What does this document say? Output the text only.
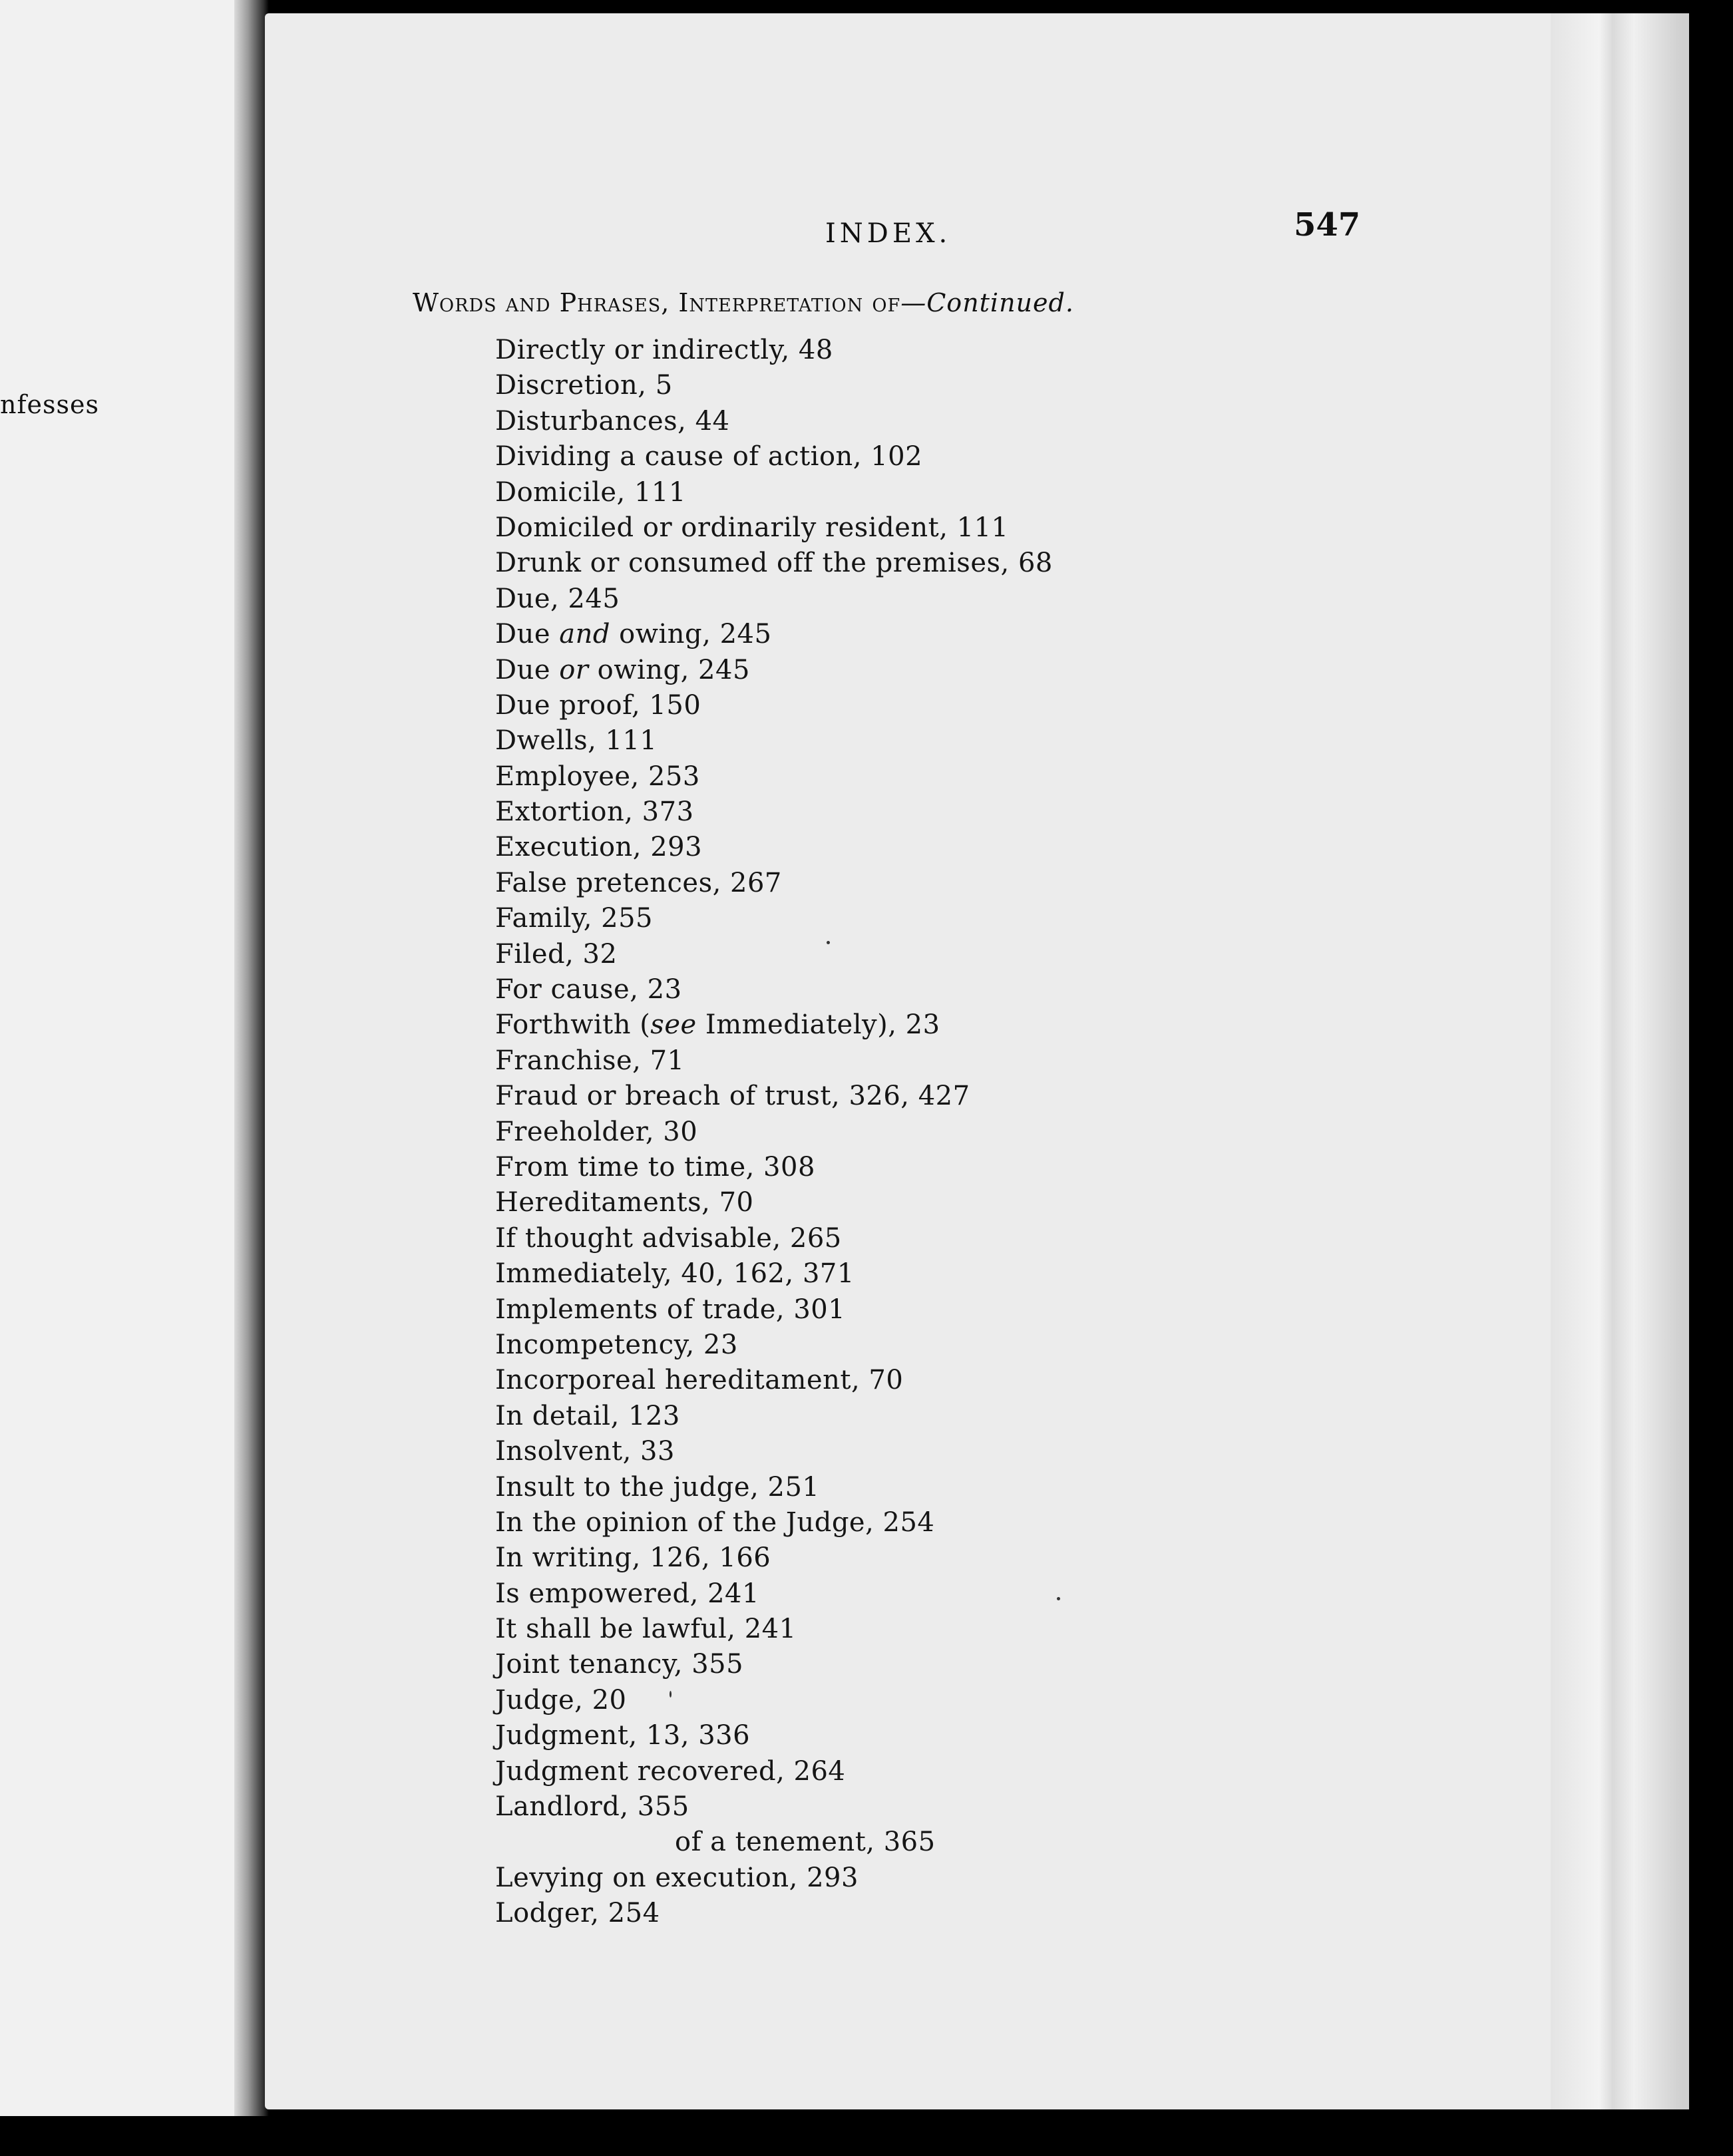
nfesses
INDEX.	547
Words and Phrases, Interpretation of—Continued.
Directly or indirectly, 48
Discretion, 5
Disturbances, 44
Dividing a cause of action, 102
Domicile, 111
Domiciled or ordinarily resident, 111
Drunk or consumed off the premises, 68
Due, 245
Due and owing, 245
Due or owing, 245
Due proof, 150
Dwells, 111
Employee, 253
Extortion, 373
Execution, 293
False pretences, 267
Family, 255
Filed, 32
For cause, 23
Forthwith (see Immediately), 23
Franchise, 71
Fraud or breach of trust, 326, 427
Freeholder, 30
From time to time, 308
Hereditaments, 70
If thought advisable, 265
Immediately, 40, 162, 371
Implements of trade, 301
Incompetency, 23
Incorporeal hereditament, 70
In detail, 123
Insolvent, 33
Insult to the judge, 251
In the opinion of the Judge, 254
In writing, 126, 166
Is empowered, 241
It shall be lawful, 241
Joint tenancy, 355
Judge, 20
Judgment, 13, 336
Judgment recovered, 264
Landlord, 355
of a tenement, 365
Levying on execution, 293
Lodger, 254
